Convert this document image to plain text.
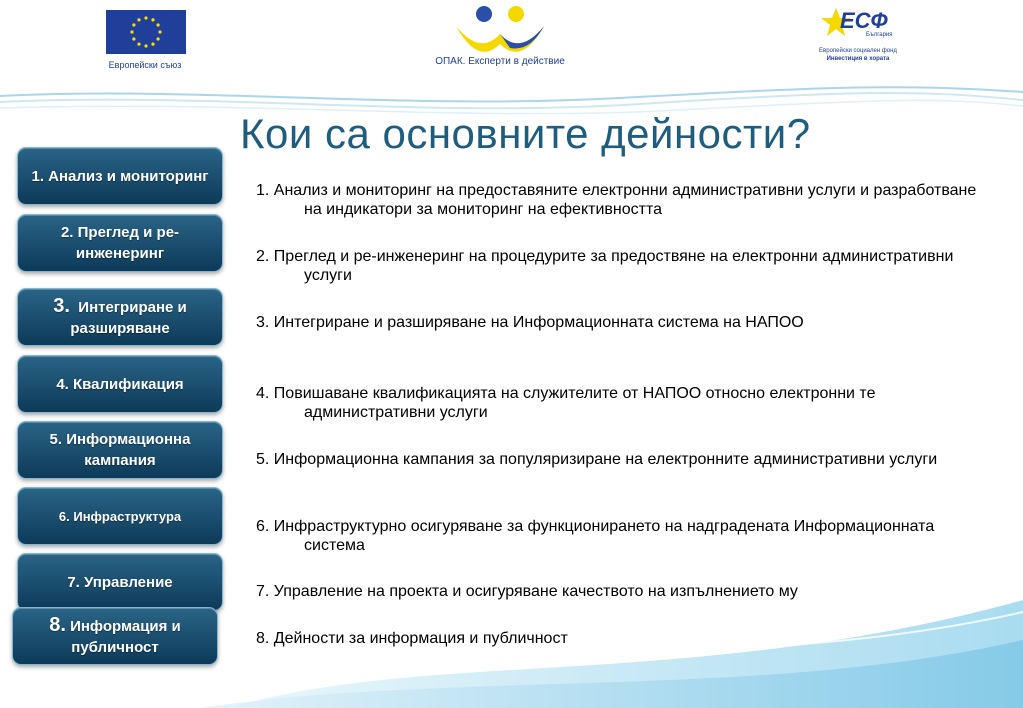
Европейски съюз	ОПАК. Експерти в действие
ЕСФ
България
Европейски социален фонд
Инвестиция в хората
Кои са основните дейности?
1. Анализ и мониторинг
2. Преглед и ре-инженеринг
3. Интегриране и разширяване
4. Квалификация
5. Информационна кампания
6. Инфраструктура
7. Управление
8. Информация и публичност
1. Анализ и мониторинг на предоставяните електронни административни услуги и разработване на индикатори за мониторинг на ефективността
2. Преглед и ре-инженеринг на процедурите за предоствяне на електронни административни услуги
3. Интегриране и разширяване на Информационната система на НАПОО
4. Повишаване квалификацията на служителите от НАПОО относно електронни те административни услуги
5. Информационна кампания за популяризиране на електронните административни услуги
6. Инфраструктурно осигуряване за функционирането на надградената Информационната система
7. Управление на проекта и осигуряване качеството на изпълнението му
8. Дейности за информация и публичност
